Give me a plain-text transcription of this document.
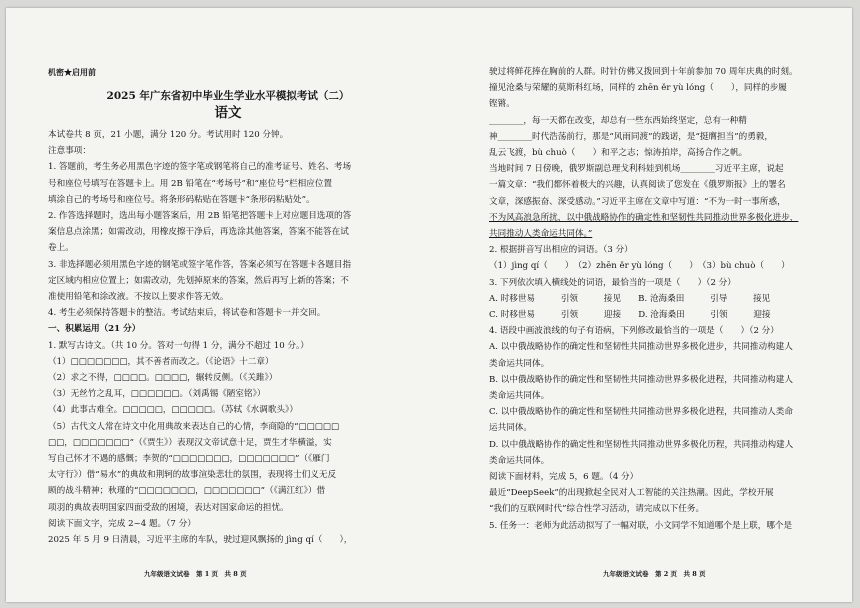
机密★启用前

2025 年广东省初中毕业生学业水平模拟考试（二）

语文

本试卷共 8 页，21 小题，满分 120 分。考试用时 120 分钟。

注意事项：

1. 答题前，考生务必用黑色字迹的签字笔或钢笔将自己的准考证号、姓名、考场

号和座位号填写在答题卡上。用 2B 铅笔在“考场号”和“座位号”栏相应位置

填涂自己的考场号和座位号。将条形码粘贴在答题卡“条形码粘贴处”。

2. 作答选择题时，选出每小题答案后，用 2B 铅笔把答题卡上对应题目选项的答

案信息点涂黑；如需改动，用橡皮擦干净后，再选涂其他答案，答案不能答在试

卷上。

3. 非选择题必须用黑色字迹的钢笔或签字笔作答，答案必须写在答题卡各题目指

定区域内相应位置上；如需改动，先划掉原来的答案，然后再写上新的答案；不

准使用铅笔和涂改液。不按以上要求作答无效。

4. 考生必须保持答题卡的整洁。考试结束后，将试卷和答题卡一并交回。

一、积累运用（21 分）

1. 默写古诗文。（共 10 分。答对一句得 1 分，满分不超过 10 分。）

（1）□□□□□□□，其不善者而改之。（《论语》十二章）

（2）求之不得，□□□□。□□□□，辗转反侧。（《关雎》）

（3）无丝竹之乱耳，□□□□□□。（刘禹锡《陋室铭》）

（4）此事古难全。□□□□□，□□□□□。（苏轼《水调歌头》）

（5）古代文人常在诗文中化用典故来表达自己的心情，李商隐的“□□□□□

□□，□□□□□□□”（《贾生》）表现汉文帝试意十足，贾生才华横溢，实

写自己怀才不遇的感慨；李贺的“□□□□□□□，□□□□□□□”（《雁门

太守行》）借“易水”的典故和荆轲的故事渲染悲壮的氛围，表现将士们义无反

顾的战斗精神；秋瑾的“□□□□□□□，□□□□□□□”（《满江红》）借

项羽的典故表明国家四面受敌的困境，表达对国家命运的担忧。

阅读下面文字，完成 2~4 题。（7 分）

2025 年 5 月 9 日清晨，习近平主席的车队，驶过迎风飘扬的 jìng qí（　　），

九年级语文试卷　第 1 页　共 8 页

驶过将鲜花捧在胸前的人群。时针仿佛又拨回到十年前参加 70 周年庆典的时刻。

撞见沧桑与荣耀的莫斯科红场，同样的 zhēn ěr yù lóng（　　），同样的步履

铿锵。

________，每一天都在改变，却总有一些东西始终坚定，总有一种精

神________时代浩荡前行，那是“风雨同渡”的践诺，是“挺膺担当”的勇毅，

乱云飞渡，bù chuò（　　）和平之志；惊涛拍岸，高扬合作之帆。

当地时间 7 日傍晚，俄罗斯副总理戈利科娃到机场________习近平主席，说起

一篇文章：“我们都怀着极大的兴趣，认真阅读了您发在《俄罗斯报》上的署名

文章，深感振奋、深受感动。”习近平主席在文章中写道：“不为一时一事所惑，

不为风高浪急所扰，以中俄战略协作的确定性和坚韧性共同推动世界多极化进步，

共同推动人类命运共同体。”

2. 根据拼音写出相应的词语。（3 分）

（1）jìng qí（　　）　（2）zhēn ěr yù lóng（　　）　（3）bù chuò（　　）

3. 下列依次填入横线处的词语，最恰当的一项是（　　）（2 分）

A. 时移世易　　　引领　　　接见　　B. 沧海桑田　　　引导　　　接见

C. 时移世易　　　引领　　　迎接　　D. 沧海桑田　　　引领　　　迎接

4. 语段中画波浪线的句子有语病，下列修改最恰当的一项是（　　）（2 分）

A. 以中俄战略协作的确定性和坚韧性共同推动世界多极化进步，共同推动构建人

类命运共同体。

B. 以中俄战略协作的确定性和坚韧性共同推动世界多极化进程，共同推动构建人

类命运共同体。

C. 以中俄战略协作的确定性和坚韧性共同推动世界多极化进程，共同推动人类命

运共同体。

D. 以中俄战略协作的确定性和坚韧性共同推动世界多极化历程，共同推动构建人

类命运共同体。

阅读下面材料，完成 5，6 题。（4 分）

最近“DeepSeek”的出现掀起全民对人工智能的关注热潮。因此，学校开展

“我们的互联网时代”综合性学习活动，请完成以下任务。

5. 任务一：老师为此活动拟写了一幅对联，小文同学不知道哪个是上联，哪个是

九年级语文试卷　第 2 页　共 8 页
